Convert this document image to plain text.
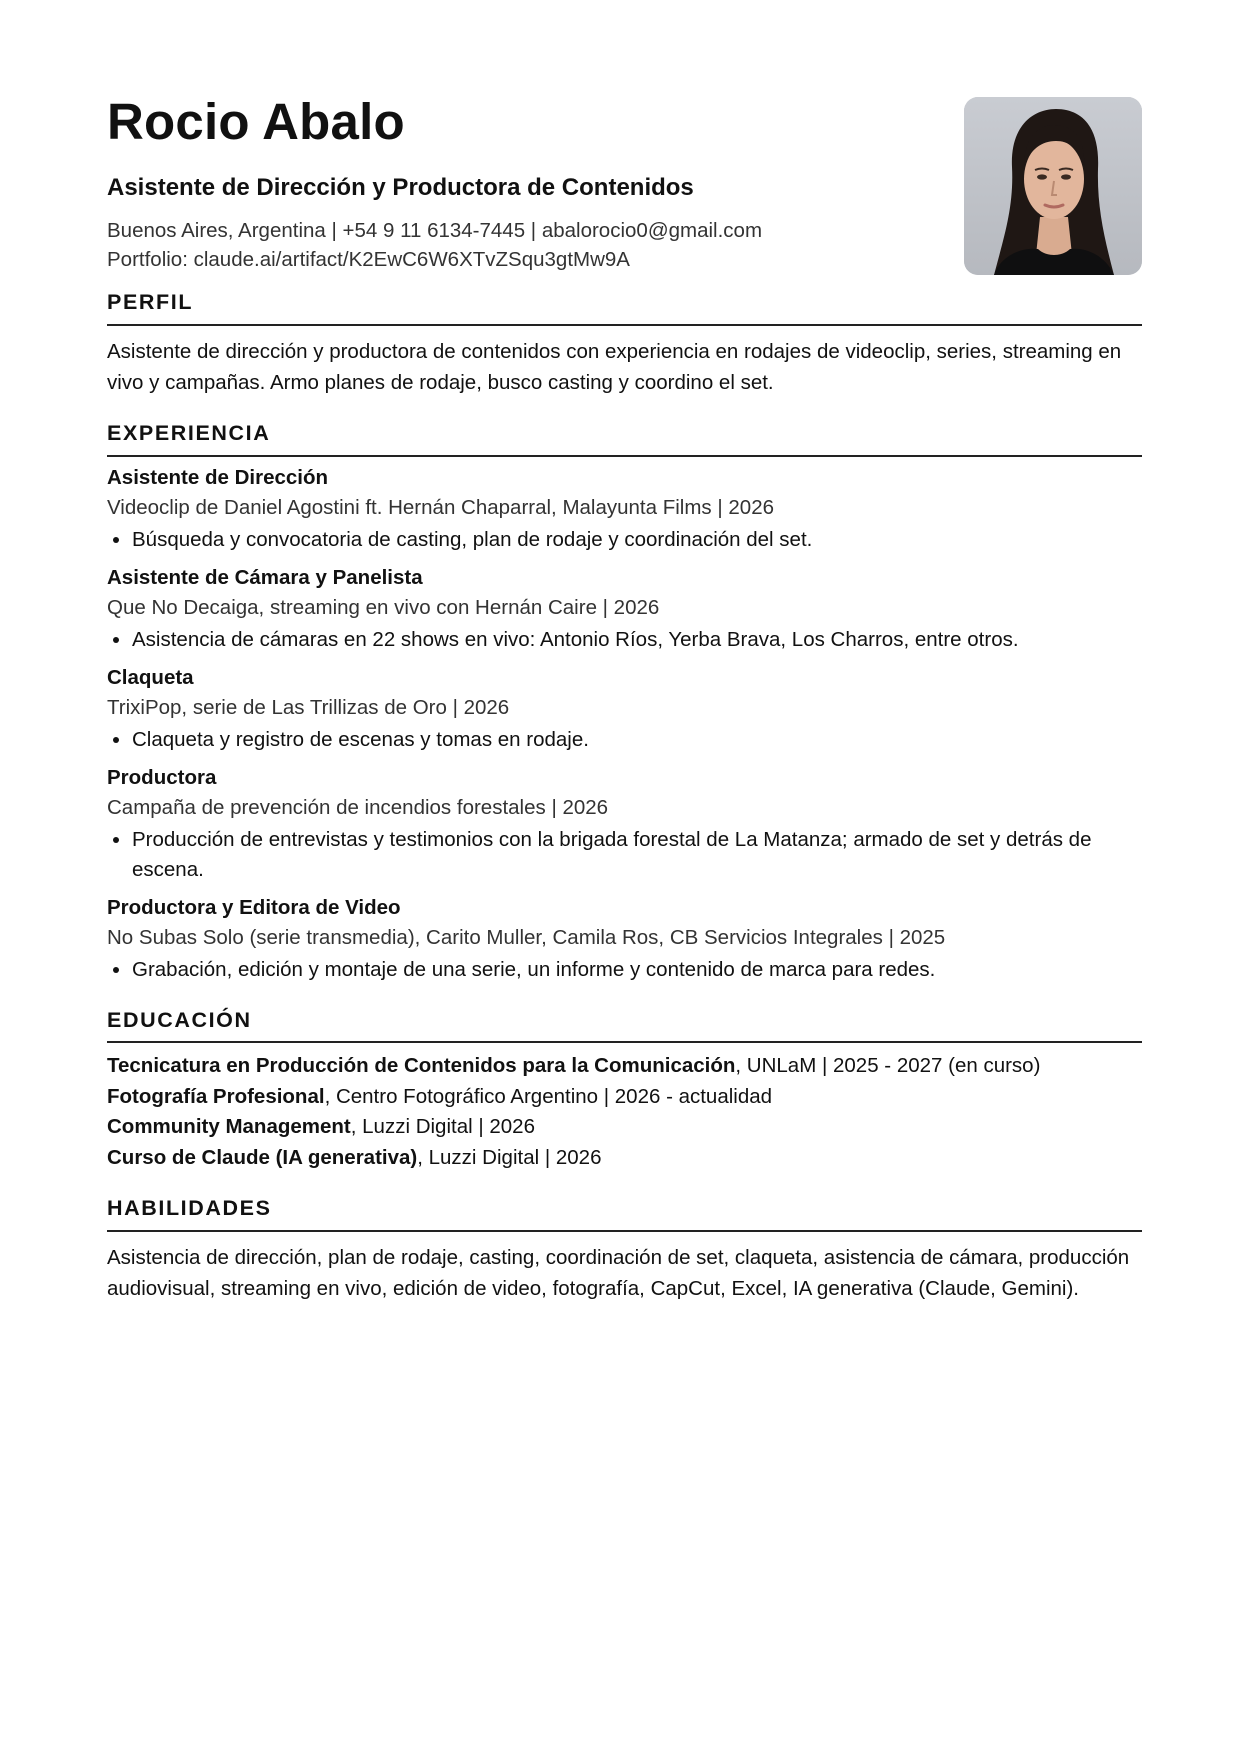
Rocio Abalo
Asistente de Dirección y Productora de Contenidos
Buenos Aires, Argentina | +54 9 11 6134-7445 | abalorocio0@gmail.com
Portfolio: claude.ai/artifact/K2EwC6W6XTvZSqu3gtMw9A
PERFIL

Asistente de dirección y productora de contenidos con experiencia en rodajes de videoclip, series, streaming en vivo y campañas. Armo planes de rodaje, busco casting y coordino el set.

EXPERIENCIA
Asistente de Dirección
Videoclip de Daniel Agostini ft. Hernán Chaparral, Malayunta Films | 2026
• Búsqueda y convocatoria de casting, plan de rodaje y coordinación del set.
Asistente de Cámara y Panelista
Que No Decaiga, streaming en vivo con Hernán Caire | 2026
• Asistencia de cámaras en 22 shows en vivo: Antonio Ríos, Yerba Brava, Los Charros, entre otros.
Claqueta
TrixiPop, serie de Las Trillizas de Oro | 2026
• Claqueta y registro de escenas y tomas en rodaje.
Productora
Campaña de prevención de incendios forestales | 2026
• Producción de entrevistas y testimonios con la brigada forestal de La Matanza; armado de set y detrás de escena.
Productora y Editora de Video
No Subas Solo (serie transmedia), Carito Muller, Camila Ros, CB Servicios Integrales | 2025
• Grabación, edición y montaje de una serie, un informe y contenido de marca para redes.
EDUCACIÓN
Tecnicatura en Producción de Contenidos para la Comunicación, UNLaM | 2025 - 2027 (en curso)
Fotografía Profesional, Centro Fotográfico Argentino | 2026 - actualidad
Community Management, Luzzi Digital | 2026
Curso de Claude (IA generativa), Luzzi Digital | 2026
HABILIDADES

Asistencia de dirección, plan de rodaje, casting, coordinación de set, claqueta, asistencia de cámara, producción audiovisual, streaming en vivo, edición de video, fotografía, CapCut, Excel, IA generativa (Claude, Gemini).
